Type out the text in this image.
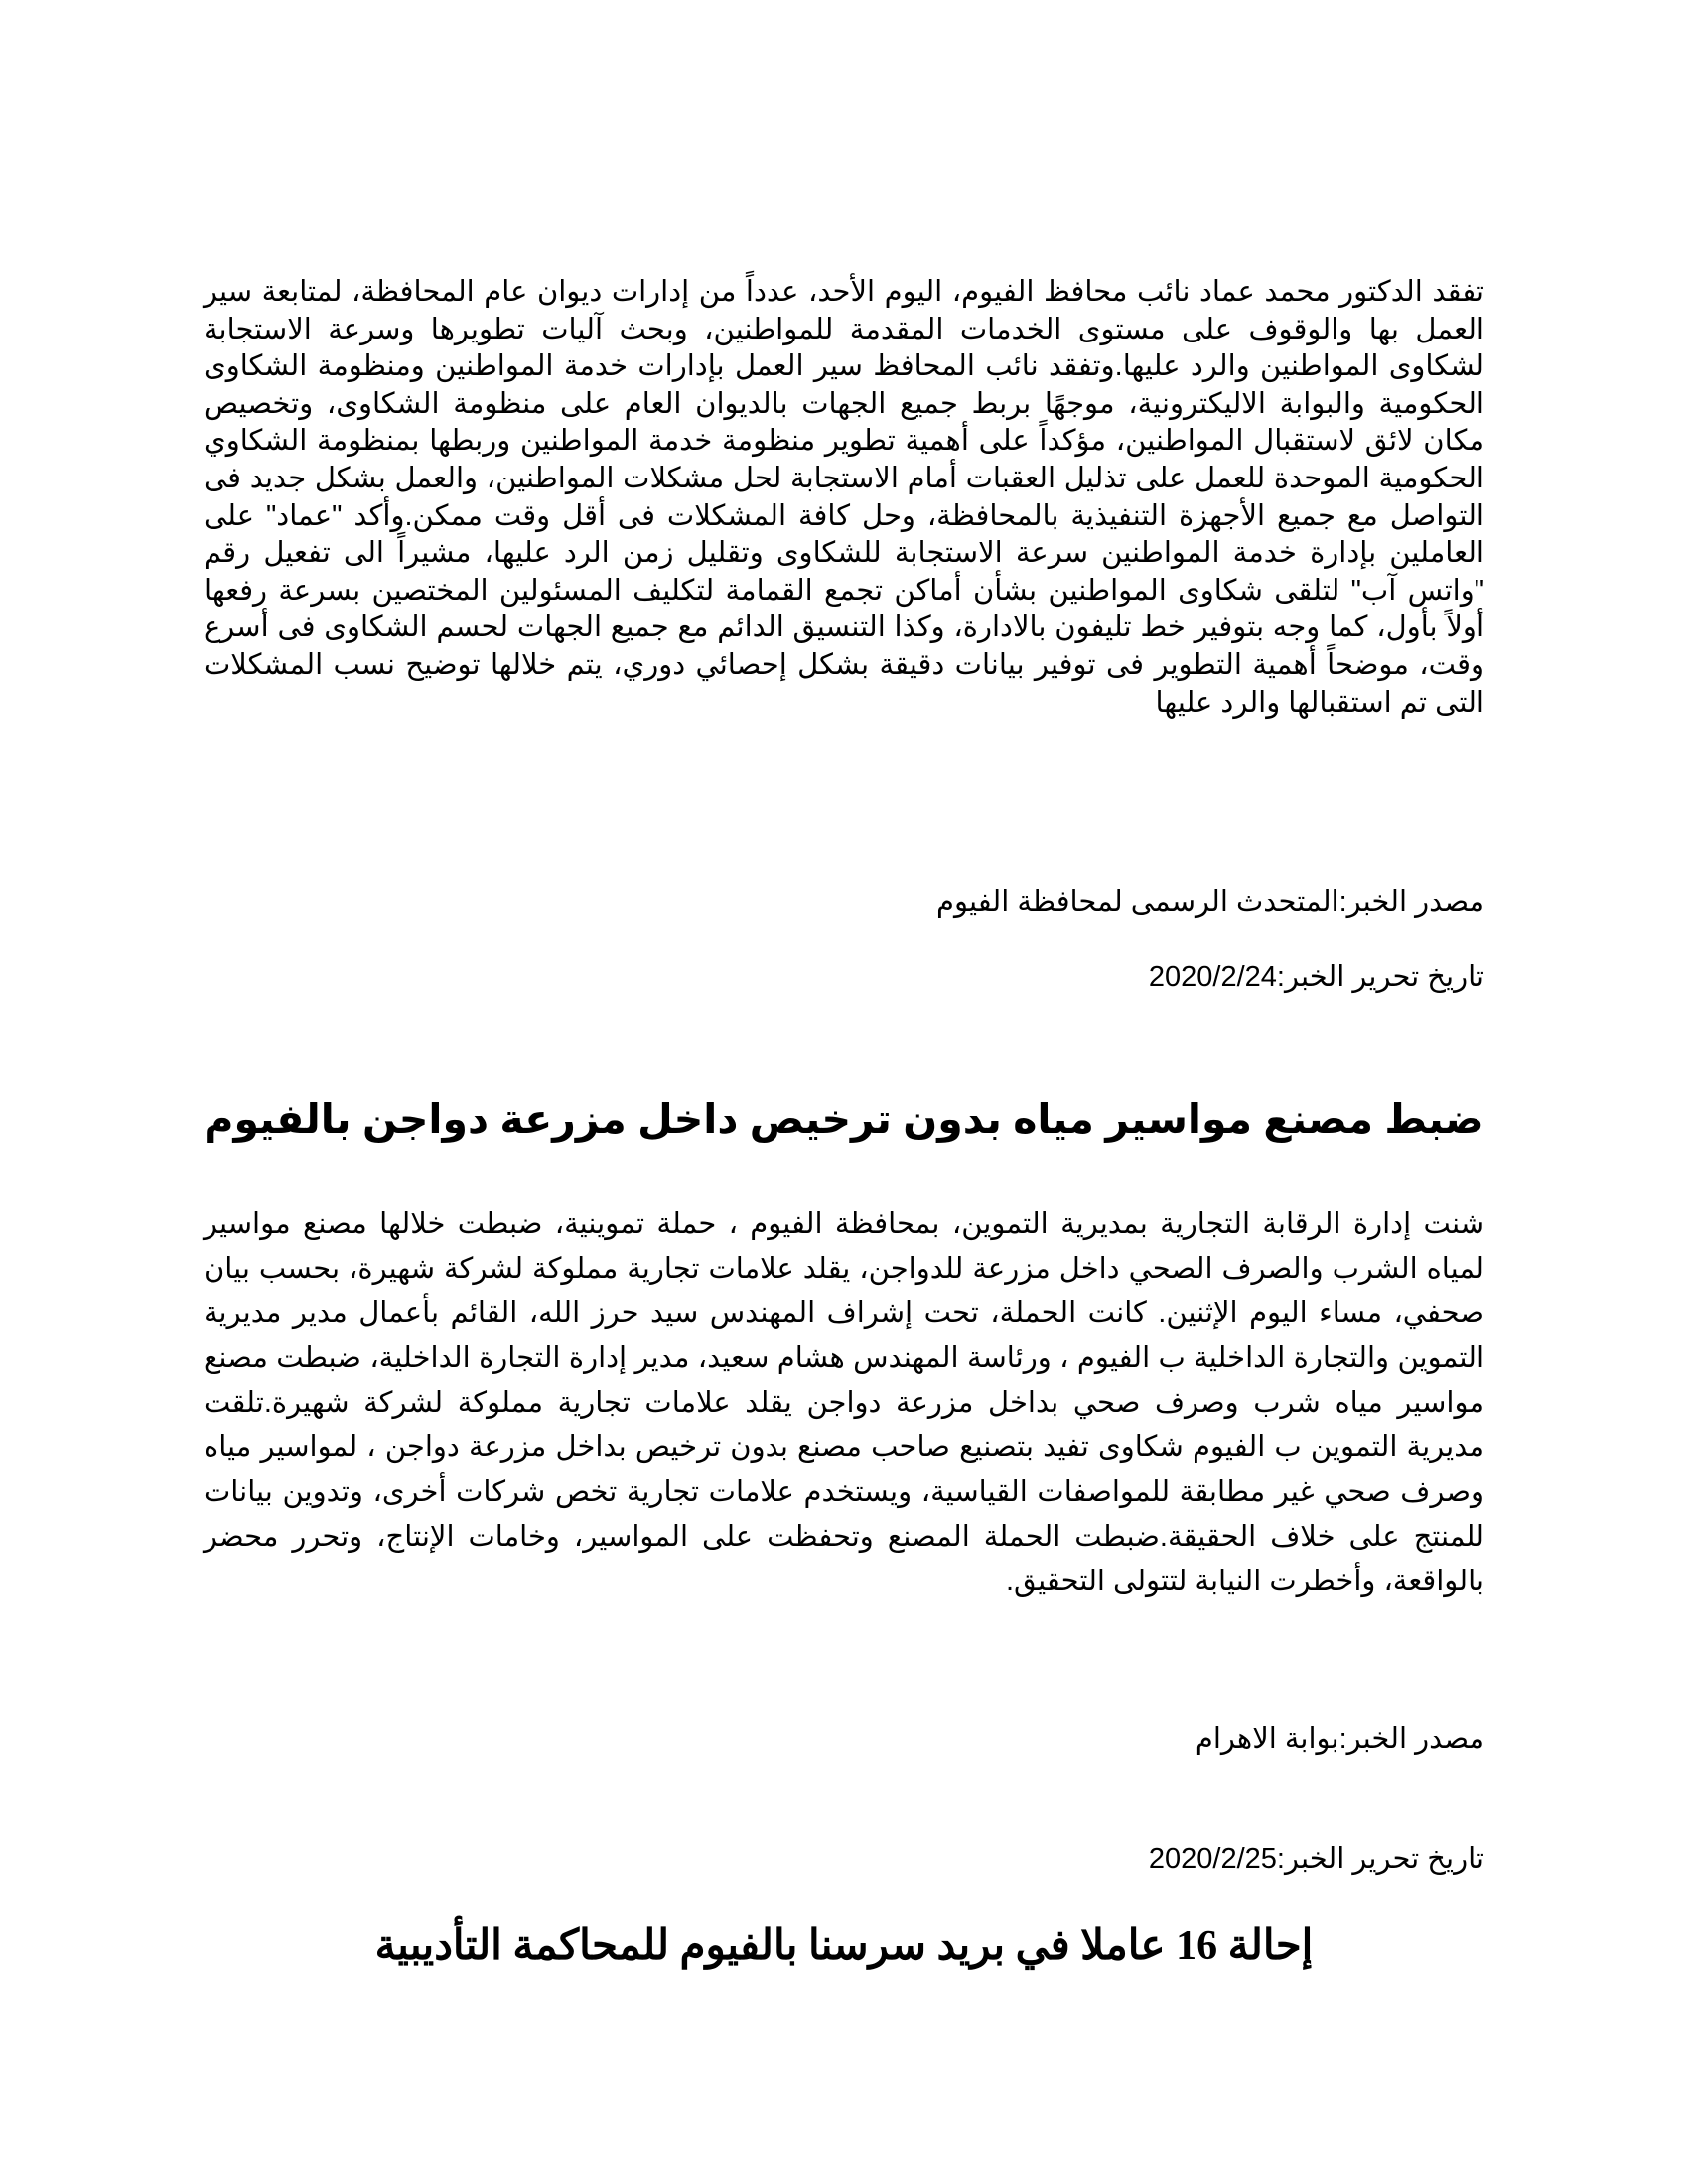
تفقد الدكتور محمد عماد نائب محافظ الفيوم، اليوم الأحد، عدداً من إدارات ديوان عام المحافظة، لمتابعة سير العمل بها والوقوف على مستوى الخدمات المقدمة للمواطنين، وبحث آليات تطويرها وسرعة الاستجابة لشكاوى المواطنين والرد عليها.وتفقد نائب المحافظ سير العمل بإدارات خدمة المواطنين ومنظومة الشكاوى الحكومية والبوابة الاليكترونية، موجهًا بربط جميع الجهات بالديوان العام على منظومة الشكاوى، وتخصيص مكان لائق لاستقبال المواطنين، مؤكداً على أهمية تطوير منظومة خدمة المواطنين وربطها بمنظومة الشكاوي الحكومية الموحدة للعمل على تذليل العقبات أمام الاستجابة لحل مشكلات المواطنين، والعمل بشكل جديد فى التواصل مع جميع الأجهزة التنفيذية بالمحافظة، وحل كافة المشكلات فى أقل وقت ممكن.وأكد "عماد" على العاملين بإدارة خدمة المواطنين سرعة الاستجابة للشكاوى وتقليل زمن الرد عليها، مشيراً الى تفعيل رقم "واتس آب" لتلقى شكاوى المواطنين بشأن أماكن تجمع القمامة لتكليف المسئولين المختصين بسرعة رفعها أولاً بأول، كما وجه بتوفير خط تليفون بالادارة، وكذا التنسيق الدائم مع جميع الجهات لحسم الشكاوى فى أسرع وقت، موضحاً أهمية التطوير فى توفير بيانات دقيقة بشكل إحصائي دوري، يتم خلالها توضيح نسب المشكلات التى تم استقبالها والرد عليها

مصدر الخبر:المتحدث الرسمى لمحافظة الفيوم

تاريخ تحرير الخبر:2020/2/24

ضبط مصنع مواسير مياه بدون ترخيص داخل مزرعة دواجن بالفيوم

شنت إدارة الرقابة التجارية بمديرية التموين، بمحافظة الفيوم ، حملة تموينية، ضبطت خلالها مصنع مواسير لمياه الشرب والصرف الصحي داخل مزرعة للدواجن، يقلد علامات تجارية مملوكة لشركة شهيرة، بحسب بيان صحفي، مساء اليوم الإثنين. كانت الحملة، تحت إشراف المهندس سيد حرز الله، القائم بأعمال مدير مديرية التموين والتجارة الداخلية ب الفيوم ، ورئاسة المهندس هشام سعيد، مدير إدارة التجارة الداخلية، ضبطت مصنع مواسير مياه شرب وصرف صحي بداخل مزرعة دواجن يقلد علامات تجارية مملوكة لشركة شهيرة.تلقت مديرية التموين ب الفيوم شكاوى تفيد بتصنيع صاحب مصنع بدون ترخيص بداخل مزرعة دواجن ، لمواسير مياه وصرف صحي غير مطابقة للمواصفات القياسية، ويستخدم علامات تجارية تخص شركات أخرى، وتدوين بيانات للمنتج على خلاف الحقيقة.ضبطت الحملة المصنع وتحفظت على المواسير، وخامات الإنتاج، وتحرر محضر بالواقعة، وأخطرت النيابة لتتولى التحقيق.

مصدر الخبر:بوابة الاهرام

تاريخ تحرير الخبر:2020/2/25

إحالة 16 عاملا في بريد سرسنا بالفيوم للمحاكمة التأديبية
